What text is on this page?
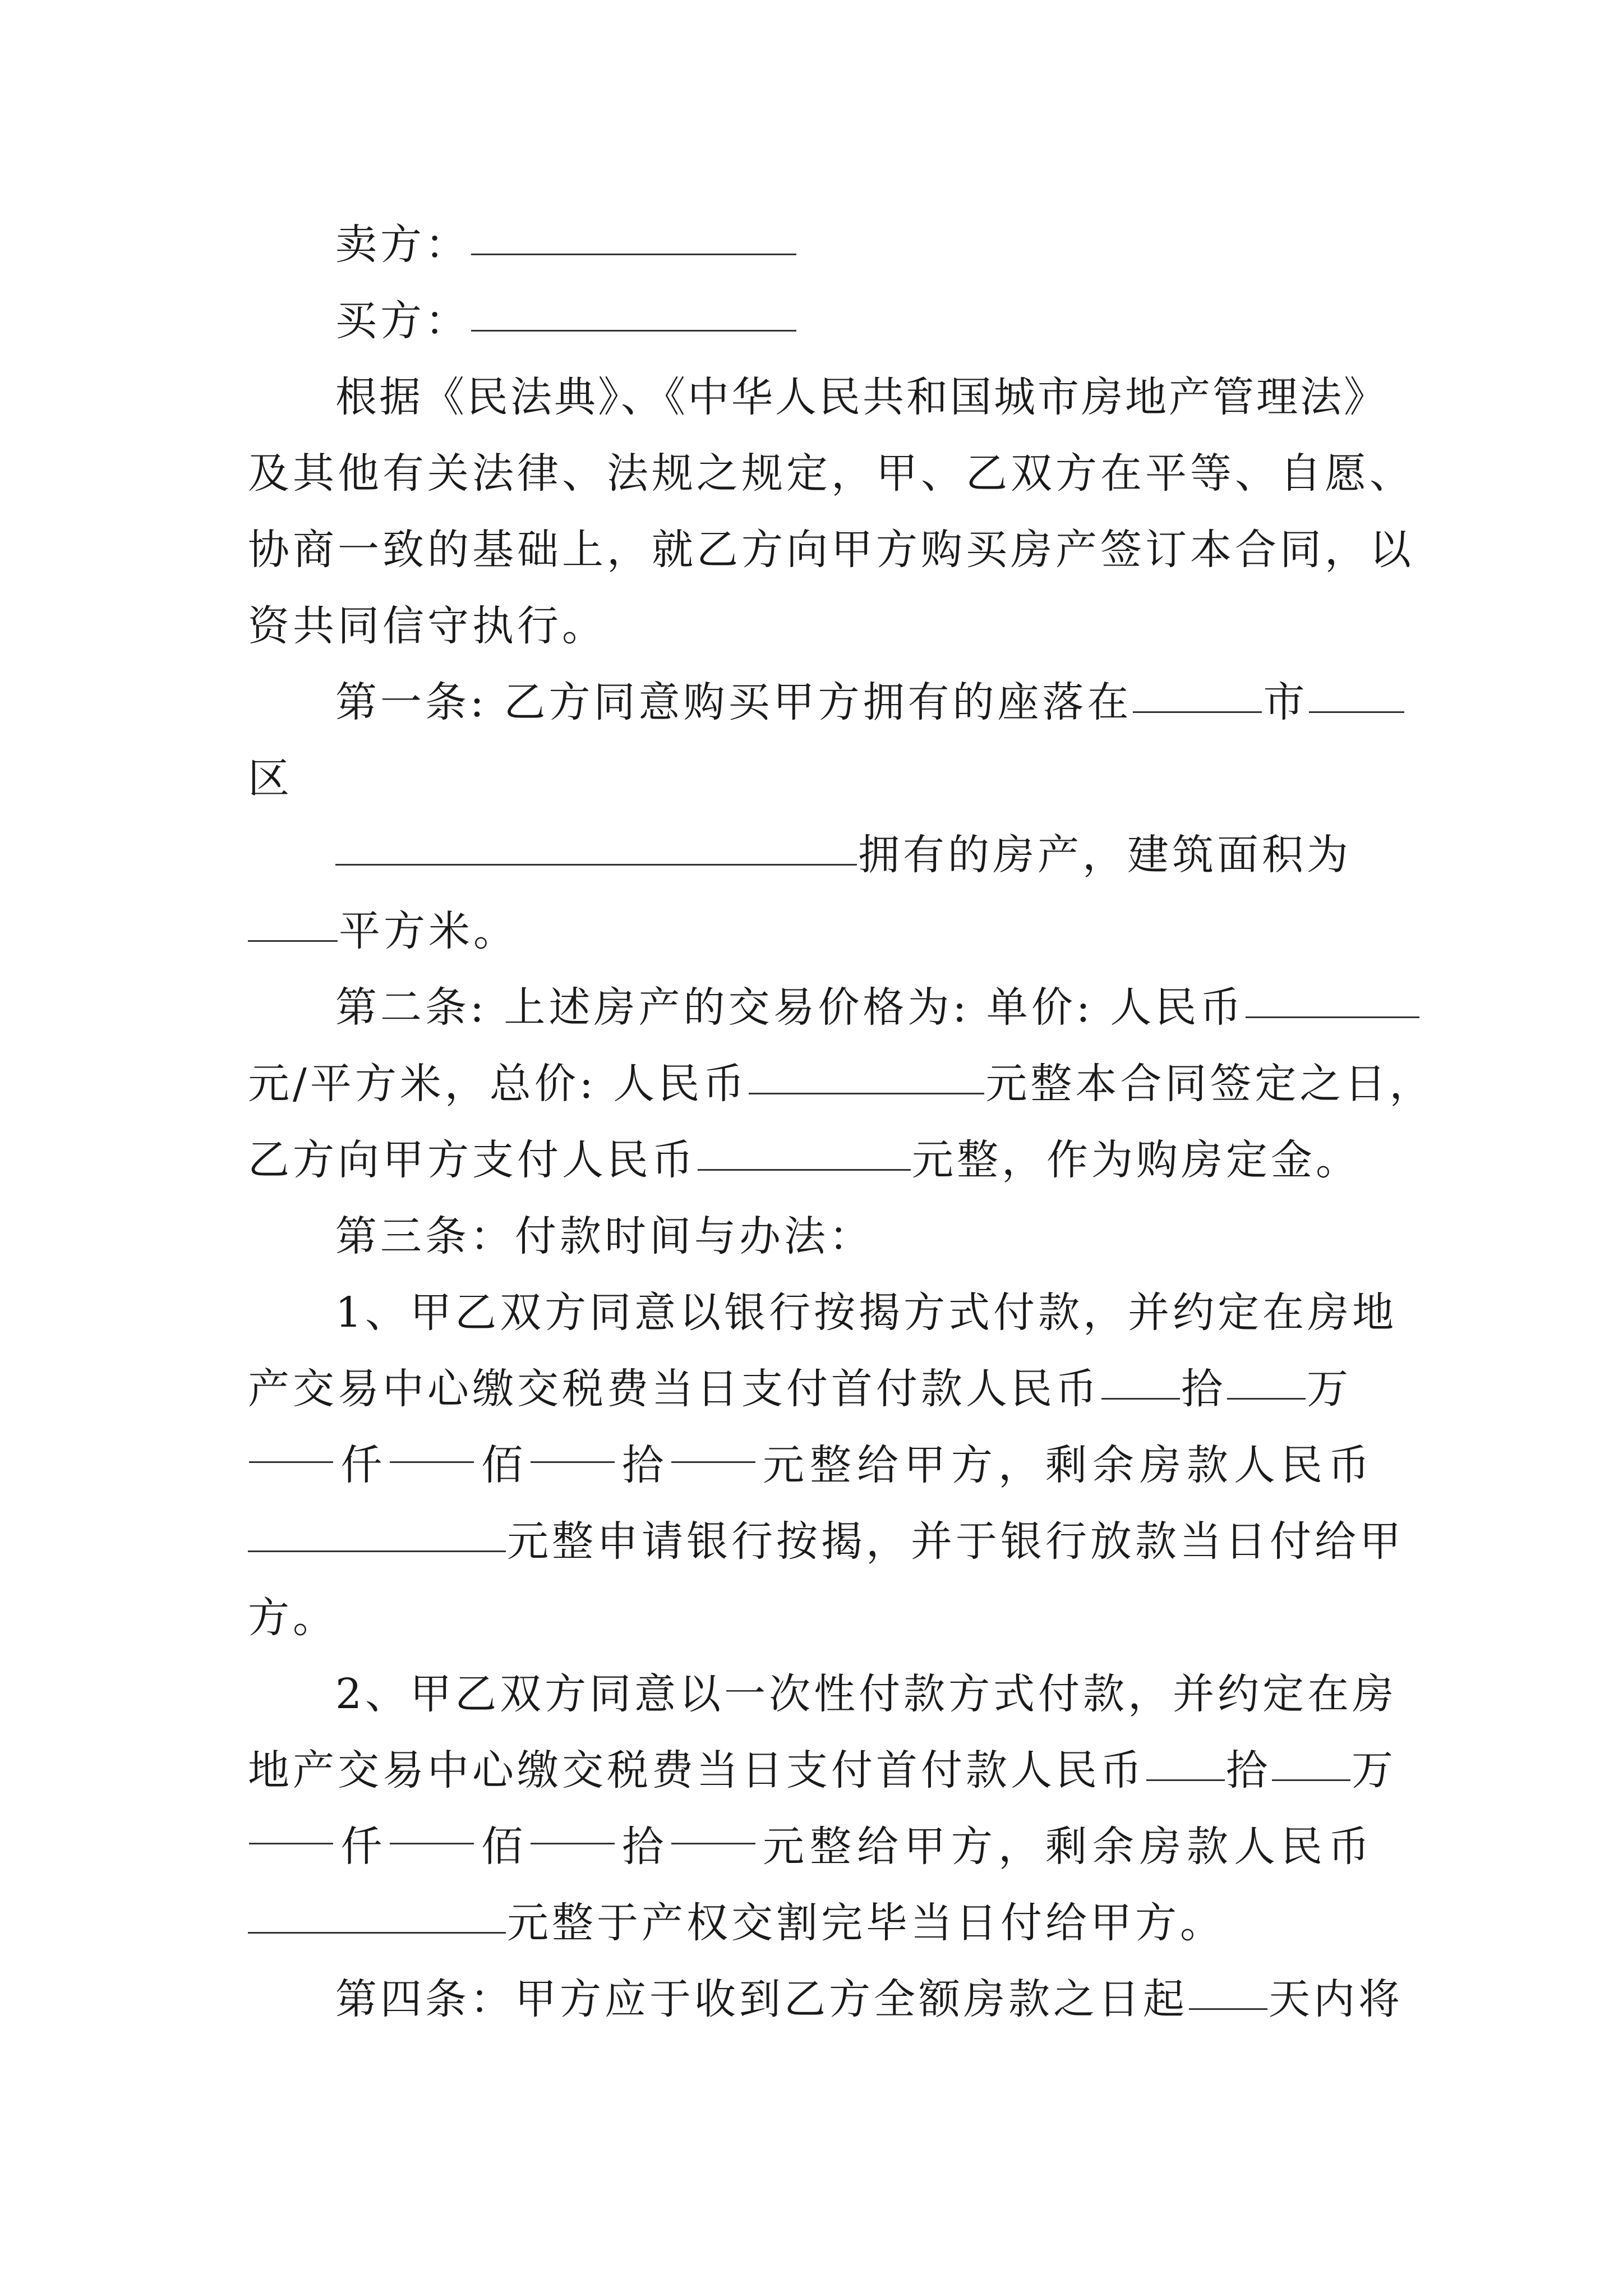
卖方：
买方：
根据《民法典》、《中华人民共和国城市房地产管理法》
及其他有关法律、法规之规定，甲、乙双方在平等、自愿、
协商一致的基础上，就乙方向甲方购买房产签订本合同，以
资共同信守执行。
第一条: 乙方同意购买甲方拥有的座落在	市
区
拥有的房产，建筑面积为
平方米。
第二条: 上述房产的交易价格为: 单价: 人民币
元/平方米，总价: 人民币	元整本合同签定之日，
乙方向甲方支付人民币	元整，作为购房定金。
第三条：付款时间与办法：
1、甲乙双方同意以银行按揭方式付款，并约定在房地
产交易中心缴交税费当日支付首付款人民币 拾 万
仟 佰 拾 元整给甲方，剩余房款人民币
元整申请银行按揭，并于银行放款当日付给甲
方。
2、甲乙双方同意以一次性付款方式付款，并约定在房
地产交易中心缴交税费当日支付首付款人民币 拾 万
仟 佰 拾 元整给甲方，剩余房款人民币
元整于产权交割完毕当日付给甲方。
第四条：甲方应于收到乙方全额房款之日起 天内将
